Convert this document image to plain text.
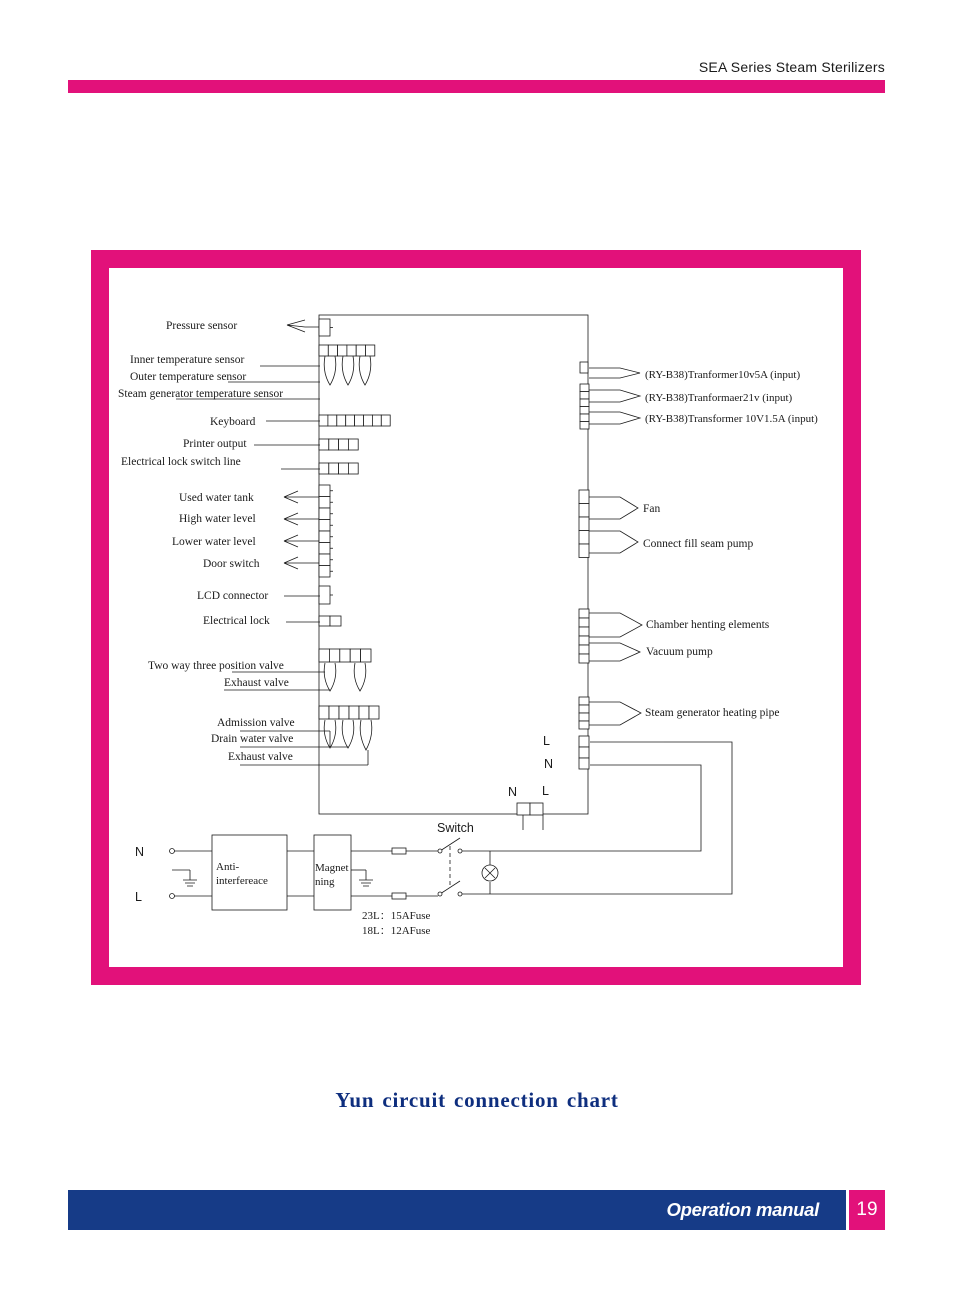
SEA Series Steam Sterilizers
Pressure sensor
Inner temperature sensor
Outer temperature sensor
Steam generator temperature sensor
Keyboard
Printer output
Electrical lock switch line
Used water tank
High water level
Lower water level
Door switch
LCD connector
Electrical lock
Two way three position valve
Exhaust valve
Admission valve
Drain water valve
Exhaust valve
(RY-B38)Tranformer10v5A (input)
(RY-B38)Tranformaer21v (input)
(RY-B38)Transformer 10V1.5A (input)
Fan
Connect fill seam pump
Chamber henting elements
Vacuum pump
Steam generator heating pipe
L
N
N L
Switch
N
L
Anti-
interfereace
Magnet
ning
23L：15AFuse
18L：12AFuse
Yun circuit connection chart
Operation manual	19
